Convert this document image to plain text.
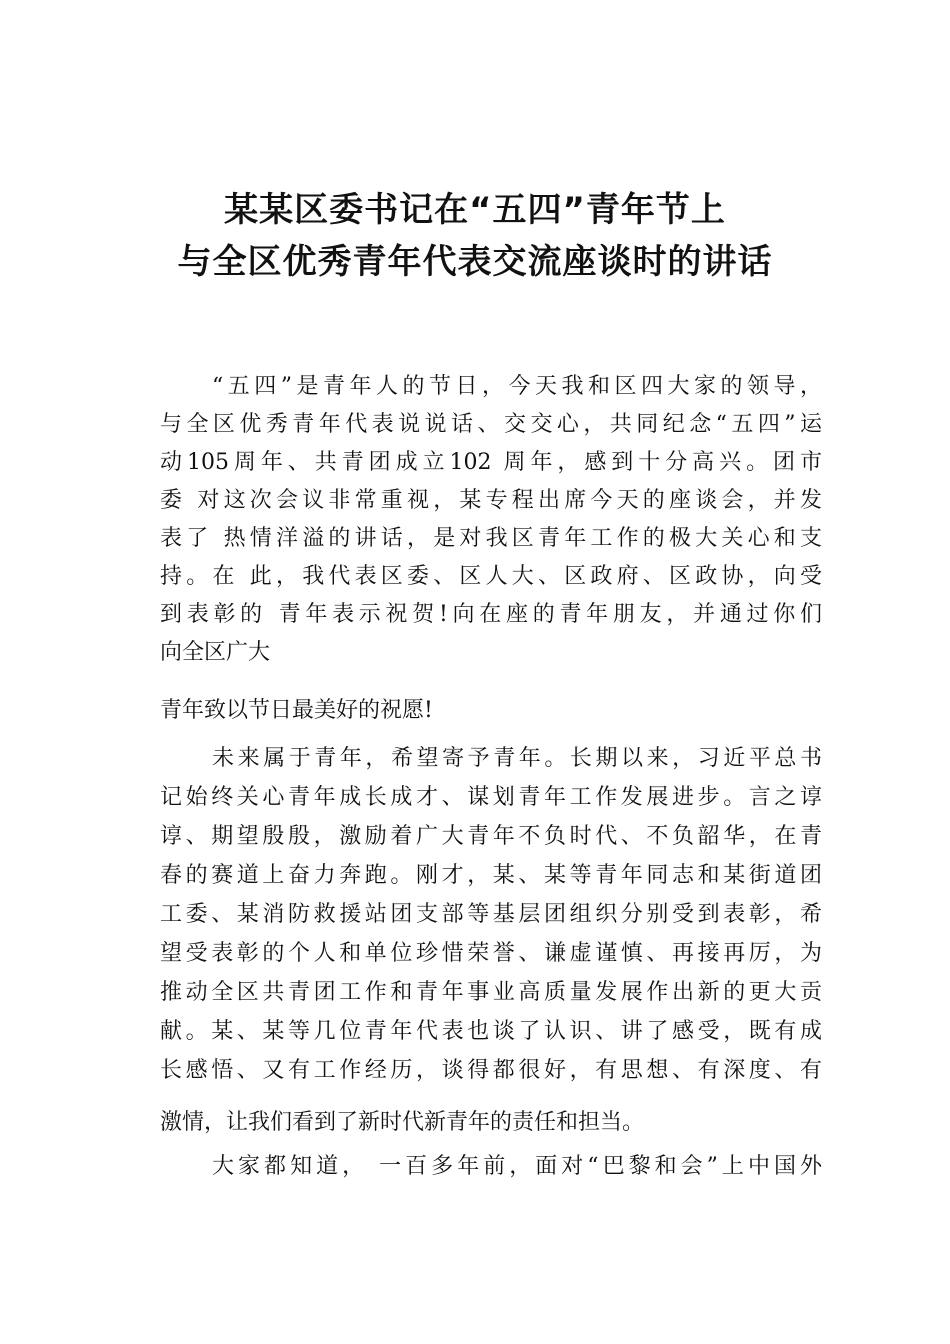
某某区委书记在“五四”青年节上
与全区优秀青年代表交流座谈时的讲话
“五四”是青年人的节日，今天我和区四大家的领导，
与全区优秀青年代表说说话、交交心，共同纪念“五四”运
动105周年、共青团成立102 周年，感到十分高兴。团市
委 对这次会议非常重视，某专程出席今天的座谈会，并发
表了 热情洋溢的讲话，是对我区青年工作的极大关心和支
持。在 此，我代表区委、区人大、区政府、区政协，向受
到表彰的 青年表示祝贺!向在座的青年朋友，并通过你们
向全区广大
青年致以节日最美好的祝愿!
未来属于青年，希望寄予青年。长期以来，习近平总书
记始终关心青年成长成才、谋划青年工作发展进步。言之谆
谆、期望殷殷，激励着广大青年不负时代、不负韶华，在青
春的赛道上奋力奔跑。刚才，某、某等青年同志和某街道团
工委、某消防救援站团支部等基层团组织分别受到表彰，希
望受表彰的个人和单位珍惜荣誉、谦虚谨慎、再接再厉，为
推动全区共青团工作和青年事业高质量发展作出新的更大贡
献。某、某等几位青年代表也谈了认识、讲了感受，既有成
长感悟、又有工作经历，谈得都很好，有思想、有深度、有
激情，让我们看到了新时代新青年的责任和担当。
大家都知道， 一百多年前，面对“巴黎和会”上中国外
